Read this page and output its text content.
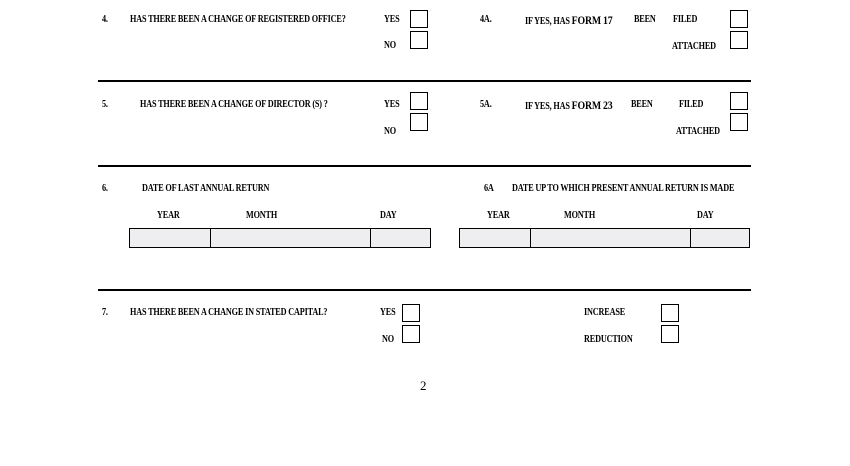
4. HAS THERE BEEN A CHANGE OF REGISTERED OFFICE?	YES
NO
4A.	IF YES, HAS FORM 17 BEEN FILED
ATTACHED
5.	HAS THERE BEEN A CHANGE OF DIRECTOR (S) ?	YES
NO
5A.	IF YES, HAS FORM 23 BEEN	FILED
ATTACHED
6.	DATE OF LAST ANNUAL RETURN	6A DATE UP TO WHICH PRESENT ANNUAL RETURN IS MADE
YEAR	MONTH	DAY	YEAR	MONTH	DAY
7. HAS THERE BEEN A CHANGE IN STATED CAPITAL?	YES
NO
INCREASE
REDUCTION
2
